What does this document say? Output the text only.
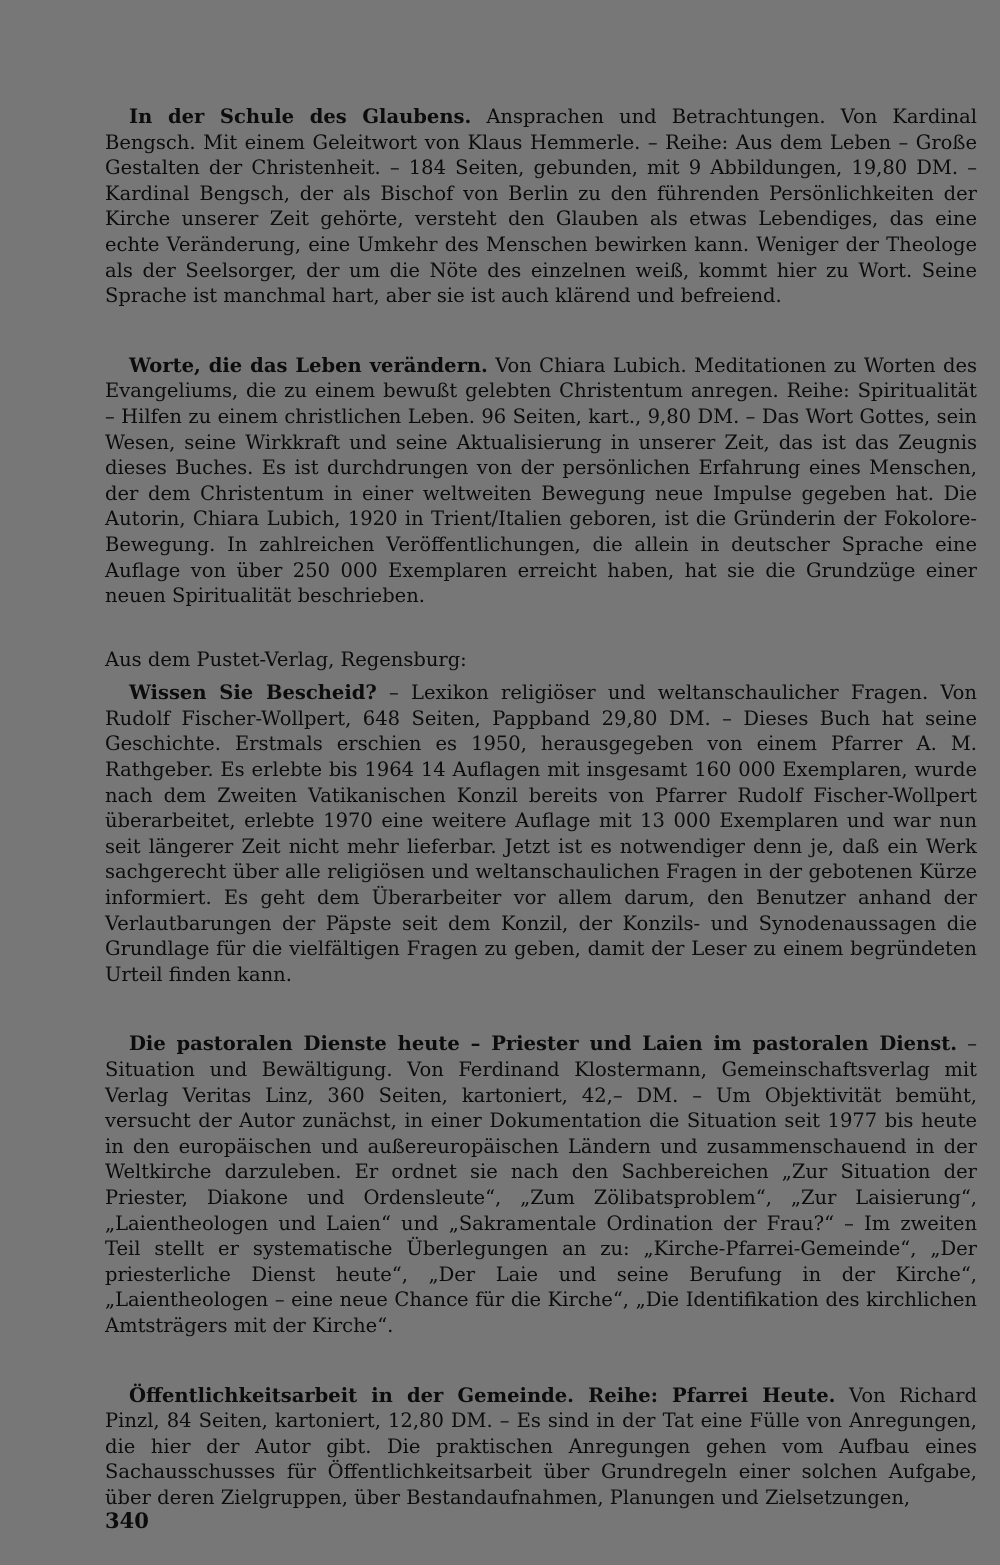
In der Schule des Glaubens. Ansprachen und Betrachtungen. Von Kardinal Bengsch. Mit einem Geleitwort von Klaus Hemmerle. – Reihe: Aus dem Leben – Große Gestalten der Christenheit. – 184 Seiten, gebunden, mit 9 Abbildungen, 19,80 DM. – Kardinal Bengsch, der als Bischof von Berlin zu den führenden Persönlichkeiten der Kirche unserer Zeit gehörte, versteht den Glauben als etwas Lebendiges, das eine echte Veränderung, eine Umkehr des Menschen bewirken kann. Weniger der Theologe als der Seelsorger, der um die Nöte des einzelnen weiß, kommt hier zu Wort. Seine Sprache ist manchmal hart, aber sie ist auch klärend und befreiend.

Worte, die das Leben verändern. Von Chiara Lubich. Meditationen zu Worten des Evangeliums, die zu einem bewußt gelebten Christentum anregen. Reihe: Spiritualität – Hilfen zu einem christlichen Leben. 96 Seiten, kart., 9,80 DM. – Das Wort Gottes, sein Wesen, seine Wirkkraft und seine Aktualisierung in unserer Zeit, das ist das Zeugnis dieses Buches. Es ist durchdrungen von der persönlichen Erfahrung eines Menschen, der dem Christentum in einer weltweiten Bewegung neue Impulse gegeben hat. Die Autorin, Chiara Lubich, 1920 in Trient/Italien geboren, ist die Gründerin der Fokolore-Bewegung. In zahlreichen Veröffentlichungen, die allein in deutscher Sprache eine Auflage von über 250 000 Exemplaren erreicht haben, hat sie die Grundzüge einer neuen Spiritualität beschrieben.

Aus dem Pustet-Verlag, Regensburg:

Wissen Sie Bescheid? – Lexikon religiöser und weltanschaulicher Fragen. Von Rudolf Fischer-Wollpert, 648 Seiten, Pappband 29,80 DM. – Dieses Buch hat seine Geschichte. Erstmals erschien es 1950, herausgegeben von einem Pfarrer A. M. Rathgeber. Es erlebte bis 1964 14 Auflagen mit insgesamt 160 000 Exemplaren, wurde nach dem Zweiten Vatikanischen Konzil bereits von Pfarrer Rudolf Fischer-Wollpert überarbeitet, erlebte 1970 eine weitere Auflage mit 13 000 Exemplaren und war nun seit längerer Zeit nicht mehr lieferbar. Jetzt ist es notwendiger denn je, daß ein Werk sachgerecht über alle religiösen und weltanschaulichen Fragen in der gebotenen Kürze informiert. Es geht dem Überarbeiter vor allem darum, den Benutzer anhand der Verlautbarungen der Päpste seit dem Konzil, der Konzils- und Synodenaussagen die Grundlage für die vielfältigen Fragen zu geben, damit der Leser zu einem begründeten Urteil finden kann.

Die pastoralen Dienste heute – Priester und Laien im pastoralen Dienst. – Situation und Bewältigung. Von Ferdinand Klostermann, Gemeinschaftsverlag mit Verlag Veritas Linz, 360 Seiten, kartoniert, 42,– DM. – Um Objektivität bemüht, versucht der Autor zunächst, in einer Dokumentation die Situation seit 1977 bis heute in den europäischen und außereuropäischen Ländern und zusammenschauend in der Weltkirche darzuleben. Er ordnet sie nach den Sachbereichen „Zur Situation der Priester, Diakone und Ordensleute“, „Zum Zölibatsproblem“, „Zur Laisierung“, „Laientheologen und Laien“ und „Sakramentale Ordination der Frau?“ – Im zweiten Teil stellt er systematische Überlegungen an zu: „Kirche-Pfarrei-Gemeinde“, „Der priesterliche Dienst heute“, „Der Laie und seine Berufung in der Kirche“, „Laientheologen – eine neue Chance für die Kirche“, „Die Identifikation des kirchlichen Amtsträgers mit der Kirche“.

Öffentlichkeitsarbeit in der Gemeinde. Reihe: Pfarrei Heute. Von Richard Pinzl, 84 Seiten, kartoniert, 12,80 DM. – Es sind in der Tat eine Fülle von Anregungen, die hier der Autor gibt. Die praktischen Anregungen gehen vom Aufbau eines Sachausschusses für Öffentlichkeitsarbeit über Grundregeln einer solchen Aufgabe, über deren Zielgruppen, über Bestandaufnahmen, Planungen und Zielsetzungen,

340
